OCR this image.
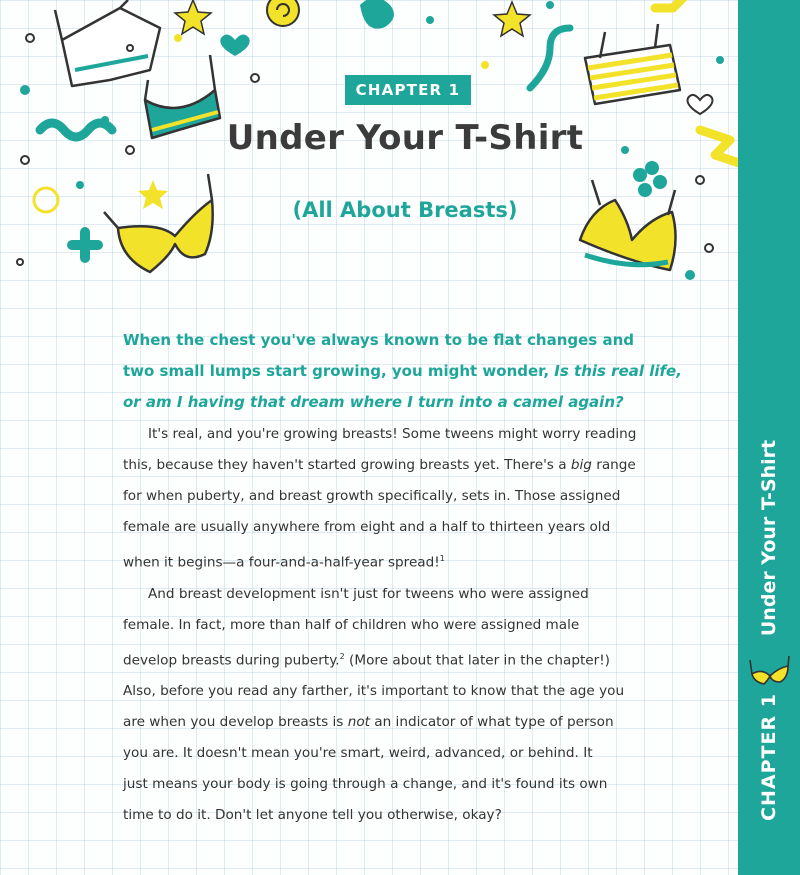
CHAPTER 1
Under Your T-Shirt
(All About Breasts)
When the chest you've always known to be flat changes and
two small lumps start growing, you might wonder, Is this real life,
or am I having that dream where I turn into a camel again?
It's real, and you're growing breasts! Some tweens might worry reading
this, because they haven't started growing breasts yet. There's a big range
for when puberty, and breast growth specifically, sets in. Those assigned
female are usually anywhere from eight and a half to thirteen years old
when it begins—a four-and-a-half-year spread!$^1$
And breast development isn't just for tweens who were assigned
female. In fact, more than half of children who were assigned male
develop breasts during puberty.$^2$ (More about that later in the chapter!)
Also, before you read any farther, it's important to know that the age you
are when you develop breasts is not an indicator of what type of person
you are. It doesn't mean you're smart, weird, advanced, or behind. It
just means your body is going through a change, and it's found its own
time to do it. Don't let anyone tell you otherwise, okay?
Under Your T-Shirt
CHAPTER 1
